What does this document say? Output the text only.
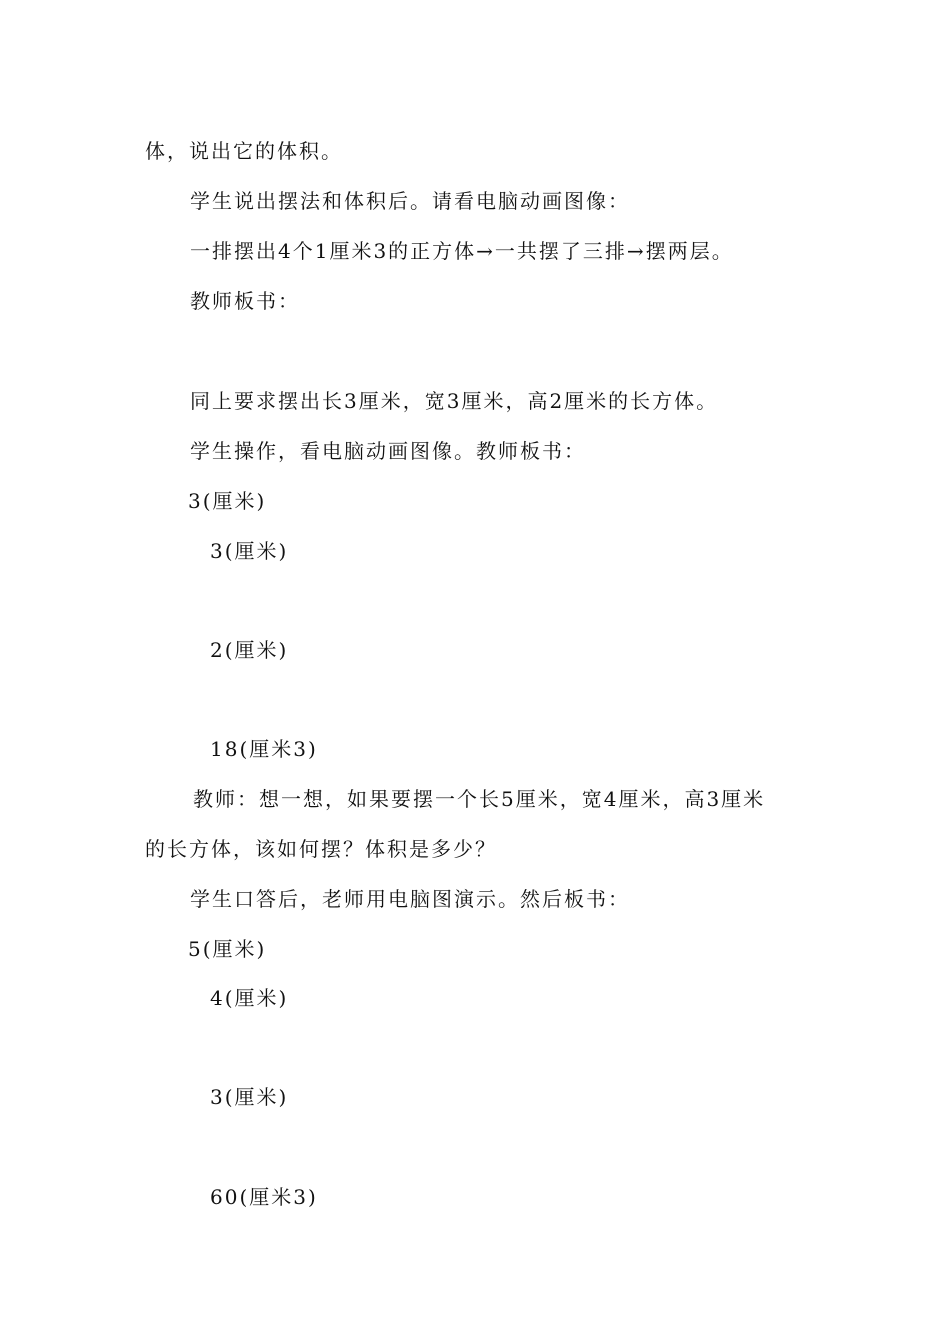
体，说出它的体积。
学生说出摆法和体积后。请看电脑动画图像：
一排摆出4个1厘米3的正方体→一共摆了三排→摆两层。
教师板书：
同上要求摆出长3厘米，宽3厘米，高2厘米的长方体。
学生操作，看电脑动画图像。教师板书：
3(厘米)
3(厘米)
2(厘米)
18(厘米3)
教师：想一想，如果要摆一个长5厘米，宽4厘米，高3厘米
的长方体，该如何摆？体积是多少？
学生口答后，老师用电脑图演示。然后板书：
5(厘米)
4(厘米)
3(厘米)
60(厘米3)
